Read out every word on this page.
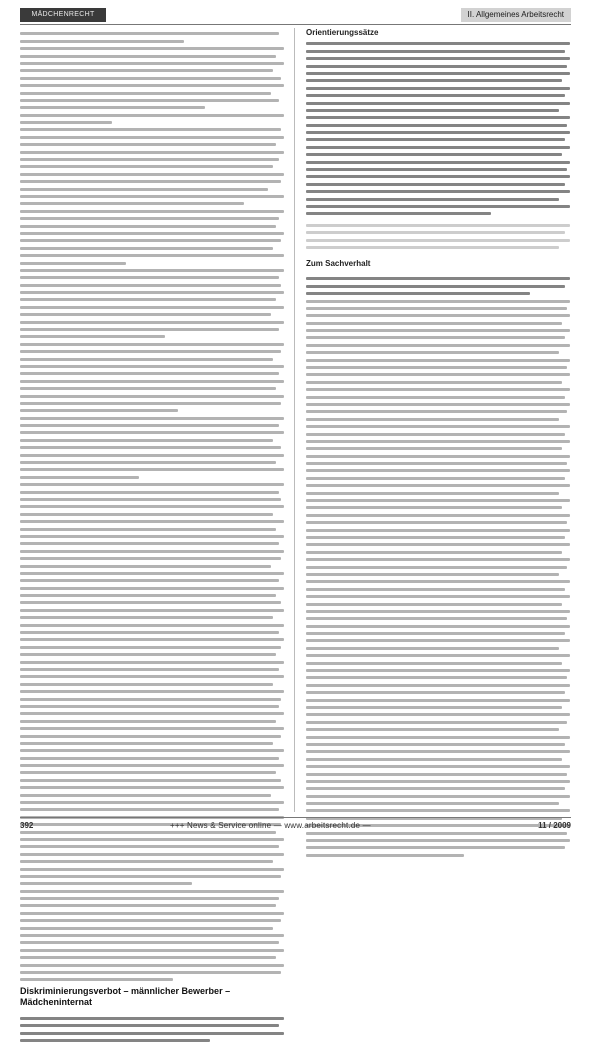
MÄDCHENRECHT	II. Allgemeines Arbeitsrecht
Diskriminierungsverbot – männlicher Bewerber – Mädcheninternat
Orientierungssätze
Zum Sachverhalt
392	+++ News & Service online — www.arbeitsrecht.de —	11 / 2009
